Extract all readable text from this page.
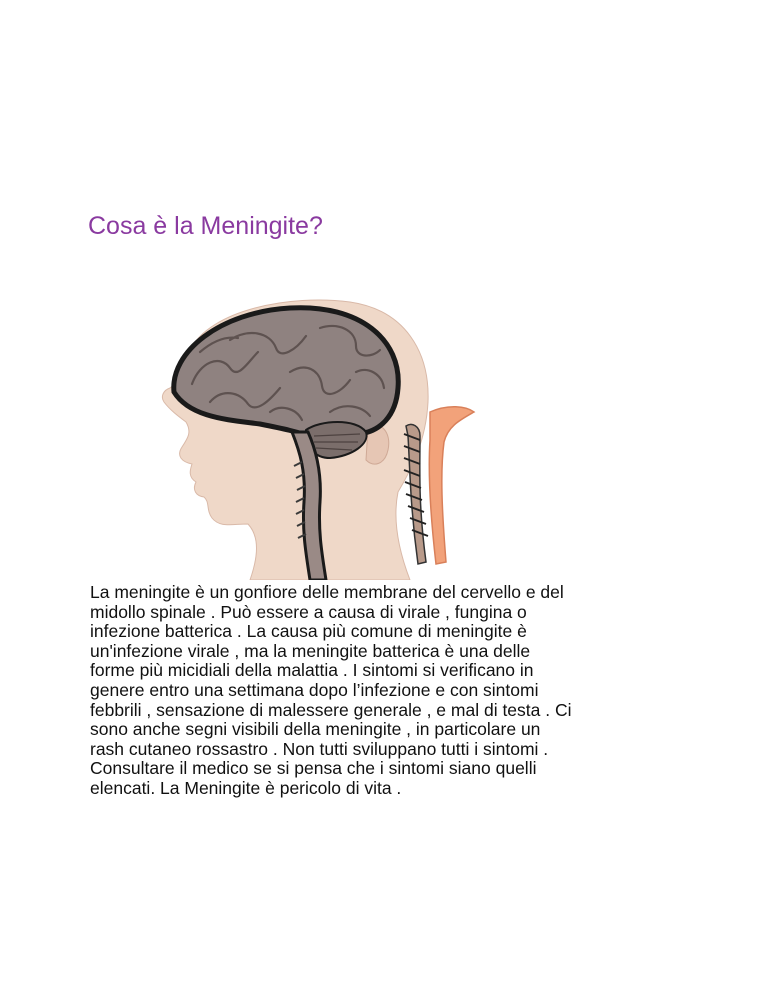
Cosa è la Meningite?

La meningite è un gonfiore delle membrane del cervello e del
midollo spinale . Può essere a causa di virale , fungina o
infezione batterica . La causa più comune di meningite è
un'infezione virale , ma la meningite batterica è una delle
forme più micidiali della malattia . I sintomi si verificano in
genere entro una settimana dopo l’infezione e con sintomi
febbrili , sensazione di malessere generale , e mal di testa . Ci
sono anche segni visibili della meningite , in particolare un
rash cutaneo rossastro . Non tutti sviluppano tutti i sintomi .
Consultare il medico se si pensa che i sintomi siano quelli
elencati. La Meningite è pericolo di vita .
